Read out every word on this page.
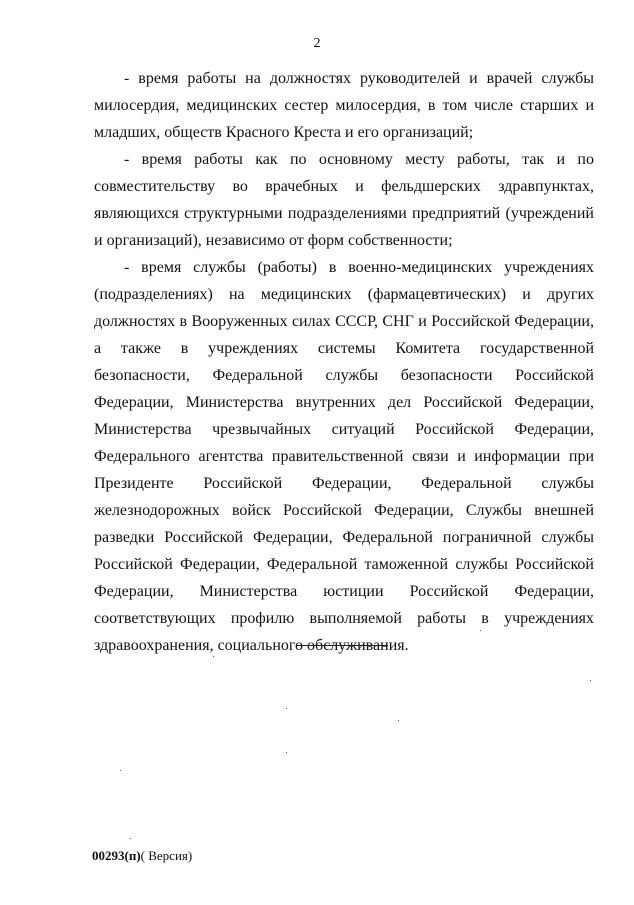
2

- время работы на должностях руководителей и врачей службы милосердия, медицинских сестер милосердия, в том числе старших и младших, обществ Красного Креста и его организаций;

- время работы как по основному месту работы, так и по совместительству во врачебных и фельдшерских здравпунктах, являющихся структурными подразделениями предприятий (учреждений и организаций), независимо от форм собственности;

- время службы (работы) в военно-медицинских учреждениях (подразделениях) на медицинских (фармацевтических) и других должностях в Вооруженных силах СССР, СНГ и Российской Федерации, а также в учреждениях системы Комитета государственной безопасности, Федеральной службы безопасности Российской Федерации, Министерства внутренних дел Российской Федерации, Министерства чрезвычайных ситуаций Российской Федерации, Федерального агентства правительственной связи и информации при Президенте Российской Федерации, Федеральной службы железнодорожных войск Российской Федерации, Службы внешней разведки Российской Федерации, Федеральной пограничной службы Российской Федерации, Федеральной таможенной службы Российской Федерации, Министерства юстиции Российской Федерации, соответствующих профилю выполняемой работы в учреждениях здравоохранения, социального обслуживания.

00293(п)( Версия)
